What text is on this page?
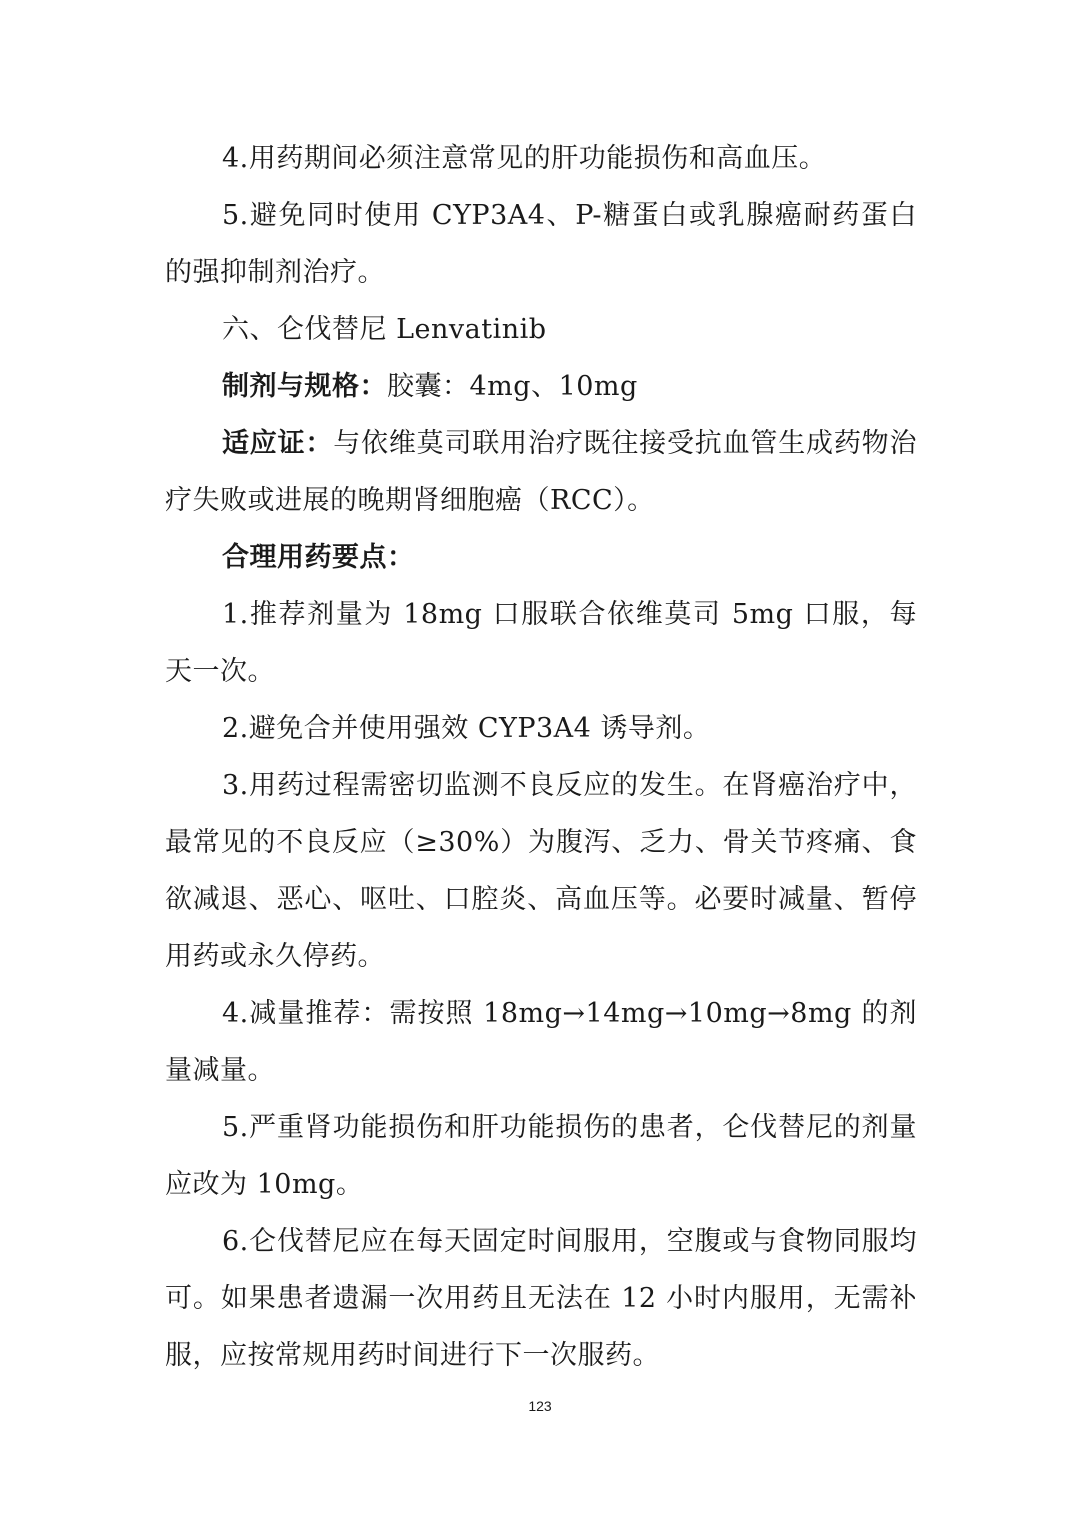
4.用药期间必须注意常见的肝功能损伤和高血压。

5.避免同时使用 CYP3A4、P-糖蛋白或乳腺癌耐药蛋白的强抑制剂治疗。

六、仑伐替尼 Lenvatinib

制剂与规格：胶囊：4mg、10mg

适应证：与依维莫司联用治疗既往接受抗血管生成药物治疗失败或进展的晚期肾细胞癌（RCC）。

合理用药要点：

1.推荐剂量为 18mg 口服联合依维莫司 5mg 口服，每天一次。

2.避免合并使用强效 CYP3A4 诱导剂。

3.用药过程需密切监测不良反应的发生。在肾癌治疗中，最常见的不良反应（≥30%）为腹泻、乏力、骨关节疼痛、食欲减退、恶心、呕吐、口腔炎、高血压等。必要时减量、暂停用药或永久停药。

4.减量推荐：需按照 18mg→14mg→10mg→8mg 的剂量减量。

5.严重肾功能损伤和肝功能损伤的患者，仑伐替尼的剂量应改为 10mg。

6.仑伐替尼应在每天固定时间服用，空腹或与食物同服均可。如果患者遗漏一次用药且无法在 12 小时内服用，无需补服，应按常规用药时间进行下一次服药。

123
